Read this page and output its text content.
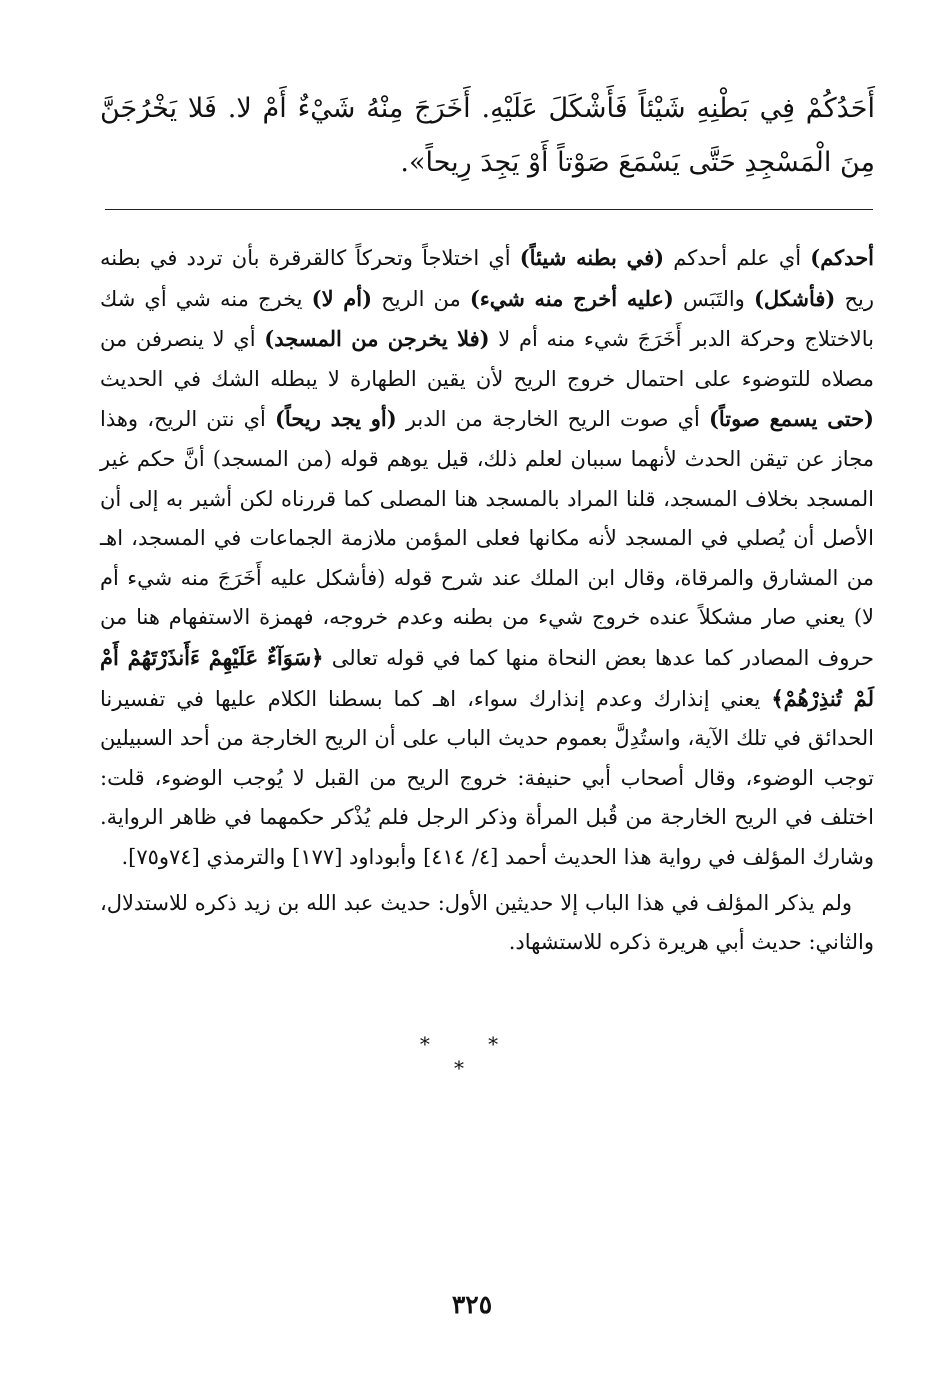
أَحَدُكُمْ فِي بَطْنِهِ شَيْئاً فَأَشْكَلَ عَلَيْهِ. أَخَرَجَ مِنْهُ شَيْءٌ أَمْ لا. فَلا يَخْرُجَنَّ مِنَ الْمَسْجِدِ حَتَّى يَسْمَعَ صَوْتاً أَوْ يَجِدَ رِيحاً».

أحدكم) أي علم أحدكم (في بطنه شيئاً) أي اختلاجاً وتحركاً كالقرقرة بأن تردد في بطنه ريح (فأشكل) والتَبَس (عليه أخرج منه شيء) من الريح (أم لا) يخرج منه شي أي شك بالاختلاج وحركة الدبر أَخَرَجَ شيء منه أم لا (فلا يخرجن من المسجد) أي لا ينصرفن من مصلاه للتوضوء على احتمال خروج الريح لأن يقين الطهارة لا يبطله الشك في الحديث (حتى يسمع صوتاً) أي صوت الريح الخارجة من الدبر (أو يجد ريحاً) أي نتن الريح، وهذا مجاز عن تيقن الحدث لأنهما سببان لعلم ذلك، قيل يوهم قوله (من المسجد) أنَّ حكم غير المسجد بخلاف المسجد، قلنا المراد بالمسجد هنا المصلى كما قررناه لكن أشير به إلى أن الأصل أن يُصلي في المسجد لأنه مكانها فعلى المؤمن ملازمة الجماعات في المسجد، اهـ من المشارق والمرقاة، وقال ابن الملك عند شرح قوله (فأشكل عليه أَخَرَجَ منه شيء أم لا) يعني صار مشكلاً عنده خروج شيء من بطنه وعدم خروجه، فهمزة الاستفهام هنا من حروف المصادر كما عدها بعض النحاة منها كما في قوله تعالى ﴿سَوَآءٌ عَلَيْهِمْ ءَأَنذَرْتَهُمْ أَمْ لَمْ تُنذِرْهُمْ﴾ يعني إنذارك وعدم إنذارك سواء، اهـ كما بسطنا الكلام عليها في تفسيرنا الحدائق في تلك الآية، واستُدِلَّ بعموم حديث الباب على أن الريح الخارجة من أحد السبيلين توجب الوضوء، وقال أصحاب أبي حنيفة: خروج الريح من القبل لا يُوجب الوضوء، قلت: اختلف في الريح الخارجة من قُبل المرأة وذكر الرجل فلم يُذْكر حكمهما في ظاهر الرواية. وشارك المؤلف في رواية هذا الحديث أحمد [٤/ ٤١٤] وأبوداود [١٧٧] والترمذي [٧٤و٧٥].

ولم يذكر المؤلف في هذا الباب إلا حديثين الأول: حديث عبد الله بن زيد ذكره للاستدلال، والثاني: حديث أبي هريرة ذكره للاستشهاد.

* * *
٣٢٥
